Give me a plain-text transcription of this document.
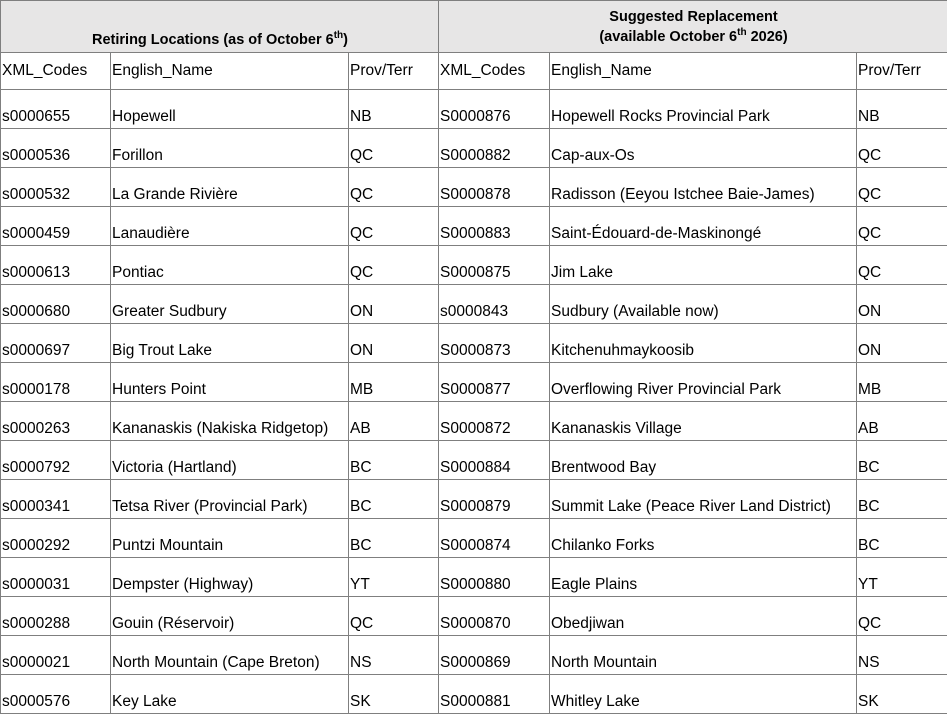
Retiring Locations (as of October 6th)			Suggested Replacement
(available October 6th 2026)		
XML_Codes	English_Name	Prov/Terr	XML_Codes	English_Name	Prov/Terr
s0000655	Hopewell	NB	S0000876	Hopewell Rocks Provincial Park	NB
s0000536	Forillon	QC	S0000882	Cap-aux-Os	QC
s0000532	La Grande Rivière	QC	S0000878	Radisson (Eeyou Istchee Baie-James)	QC
s0000459	Lanaudière	QC	S0000883	Saint-Édouard-de-Maskinongé	QC
s0000613	Pontiac	QC	S0000875	Jim Lake	QC
s0000680	Greater Sudbury	ON	s0000843	Sudbury (Available now)	ON
s0000697	Big Trout Lake	ON	S0000873	Kitchenuhmaykoosib	ON
s0000178	Hunters Point	MB	S0000877	Overflowing River Provincial Park	MB
s0000263	Kananaskis (Nakiska Ridgetop)	AB	S0000872	Kananaskis Village	AB
s0000792	Victoria (Hartland)	BC	S0000884	Brentwood Bay	BC
s0000341	Tetsa River (Provincial Park)	BC	S0000879	Summit Lake (Peace River Land District)	BC
s0000292	Puntzi Mountain	BC	S0000874	Chilanko Forks	BC
s0000031	Dempster (Highway)	YT	S0000880	Eagle Plains	YT
s0000288	Gouin (Réservoir)	QC	S0000870	Obedjiwan	QC
s0000021	North Mountain (Cape Breton)	NS	S0000869	North Mountain	NS
s0000576	Key Lake	SK	S0000881	Whitley Lake	SK
